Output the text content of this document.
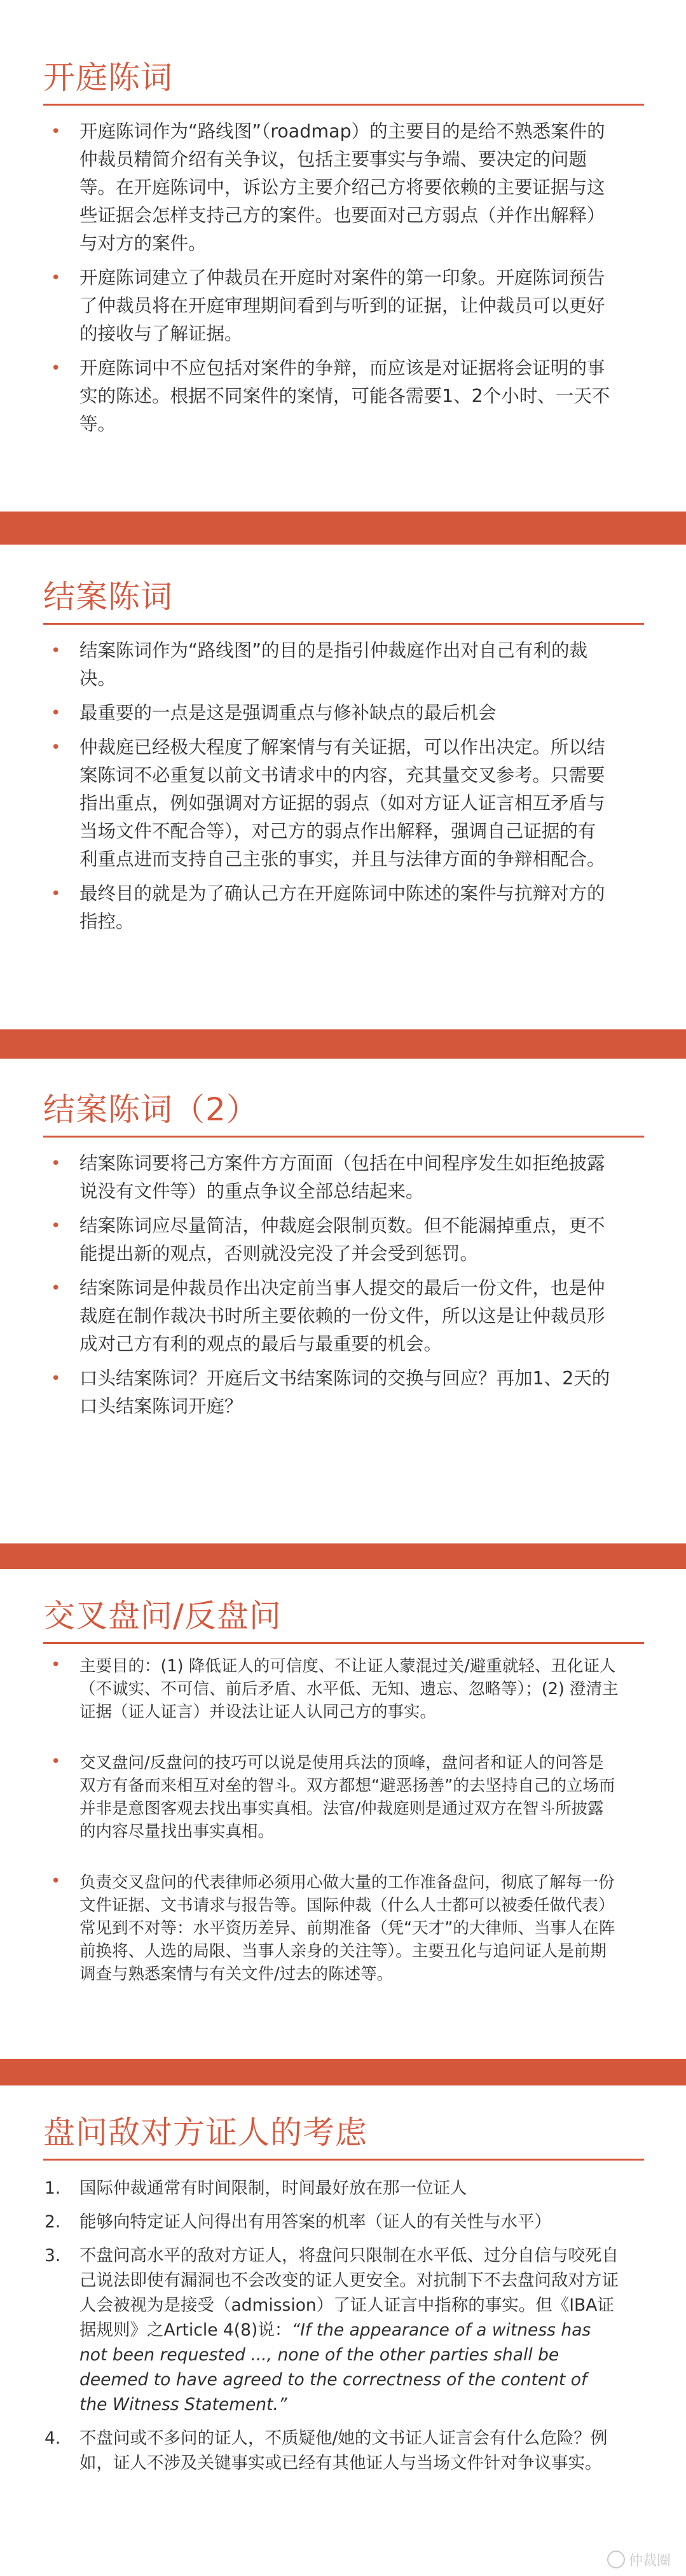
开庭陈词
• 开庭陈词作为“路线图”（roadmap）的主要目的是给不熟悉案件的仲裁员精简介绍有关争议，包括主要事实与争端、要决定的问题等。在开庭陈词中，诉讼方主要介绍己方将要依赖的主要证据与这些证据会怎样支持己方的案件。也要面对己方弱点（并作出解释）与对方的案件。
• 开庭陈词建立了仲裁员在开庭时对案件的第一印象。开庭陈词预告了仲裁员将在开庭审理期间看到与听到的证据，让仲裁员可以更好的接收与了解证据。
• 开庭陈词中不应包括对案件的争辩，而应该是对证据将会证明的事实的陈述。根据不同案件的案情，可能各需要1、2个小时、一天不等。
结案陈词
• 结案陈词作为“路线图”的目的是指引仲裁庭作出对自己有利的裁决。
• 最重要的一点是这是强调重点与修补缺点的最后机会
• 仲裁庭已经极大程度了解案情与有关证据，可以作出决定。所以结案陈词不必重复以前文书请求中的内容，充其量交叉参考。只需要指出重点，例如强调对方证据的弱点（如对方证人证言相互矛盾与当场文件不配合等），对己方的弱点作出解释，强调自己证据的有利重点进而支持自己主张的事实，并且与法律方面的争辩相配合。
• 最终目的就是为了确认己方在开庭陈词中陈述的案件与抗辩对方的指控。
结案陈词（2）
• 结案陈词要将己方案件方方面面（包括在中间程序发生如拒绝披露说没有文件等）的重点争议全部总结起来。
• 结案陈词应尽量简洁，仲裁庭会限制页数。但不能漏掉重点，更不能提出新的观点，否则就没完没了并会受到惩罚。
• 结案陈词是仲裁员作出决定前当事人提交的最后一份文件，也是仲裁庭在制作裁决书时所主要依赖的一份文件，所以这是让仲裁员形成对己方有利的观点的最后与最重要的机会。
• 口头结案陈词？开庭后文书结案陈词的交换与回应？再加1、2天的口头结案陈词开庭？
交叉盘问/反盘问
• 主要目的：(1) 降低证人的可信度、不让证人蒙混过关/避重就轻、丑化证人（不诚实、不可信、前后矛盾、水平低、无知、遗忘、忽略等）；(2) 澄清主证据（证人证言）并设法让证人认同己方的事实。
• 交叉盘问/反盘问的技巧可以说是使用兵法的顶峰，盘问者和证人的问答是双方有备而来相互对垒的智斗。双方都想“避恶扬善”的去坚持自己的立场而并非是意图客观去找出事实真相。法官/仲裁庭则是通过双方在智斗所披露的内容尽量找出事实真相。
• 负责交叉盘问的代表律师必须用心做大量的工作准备盘问，彻底了解每一份文件证据、文书请求与报告等。国际仲裁（什么人士都可以被委任做代表）常见到不对等：水平资历差异、前期准备（凭“天才”的大律师、当事人在阵前换将、人选的局限、当事人亲身的关注等）。主要丑化与追问证人是前期调查与熟悉案情与有关文件/过去的陈述等。
盘问敌对方证人的考虑
1. 国际仲裁通常有时间限制，时间最好放在那一位证人
2. 能够向特定证人问得出有用答案的机率（证人的有关性与水平）
3. 不盘问高水平的敌对方证人，将盘问只限制在水平低、过分自信与咬死自己说法即使有漏洞也不会改变的证人更安全。对抗制下不去盘问敌对方证人会被视为是接受（admission）了证人证言中指称的事实。但《IBA证据规则》之Article 4(8)说：“If the appearance of a witness has not been requested ..., none of the other parties shall be deemed to have agreed to the correctness of the content of the Witness Statement.”
4. 不盘问或不多问的证人，不质疑他/她的文书证人证言会有什么危险？例如，证人不涉及关键事实或已经有其他证人与当场文件针对争议事实。
仲裁圈
